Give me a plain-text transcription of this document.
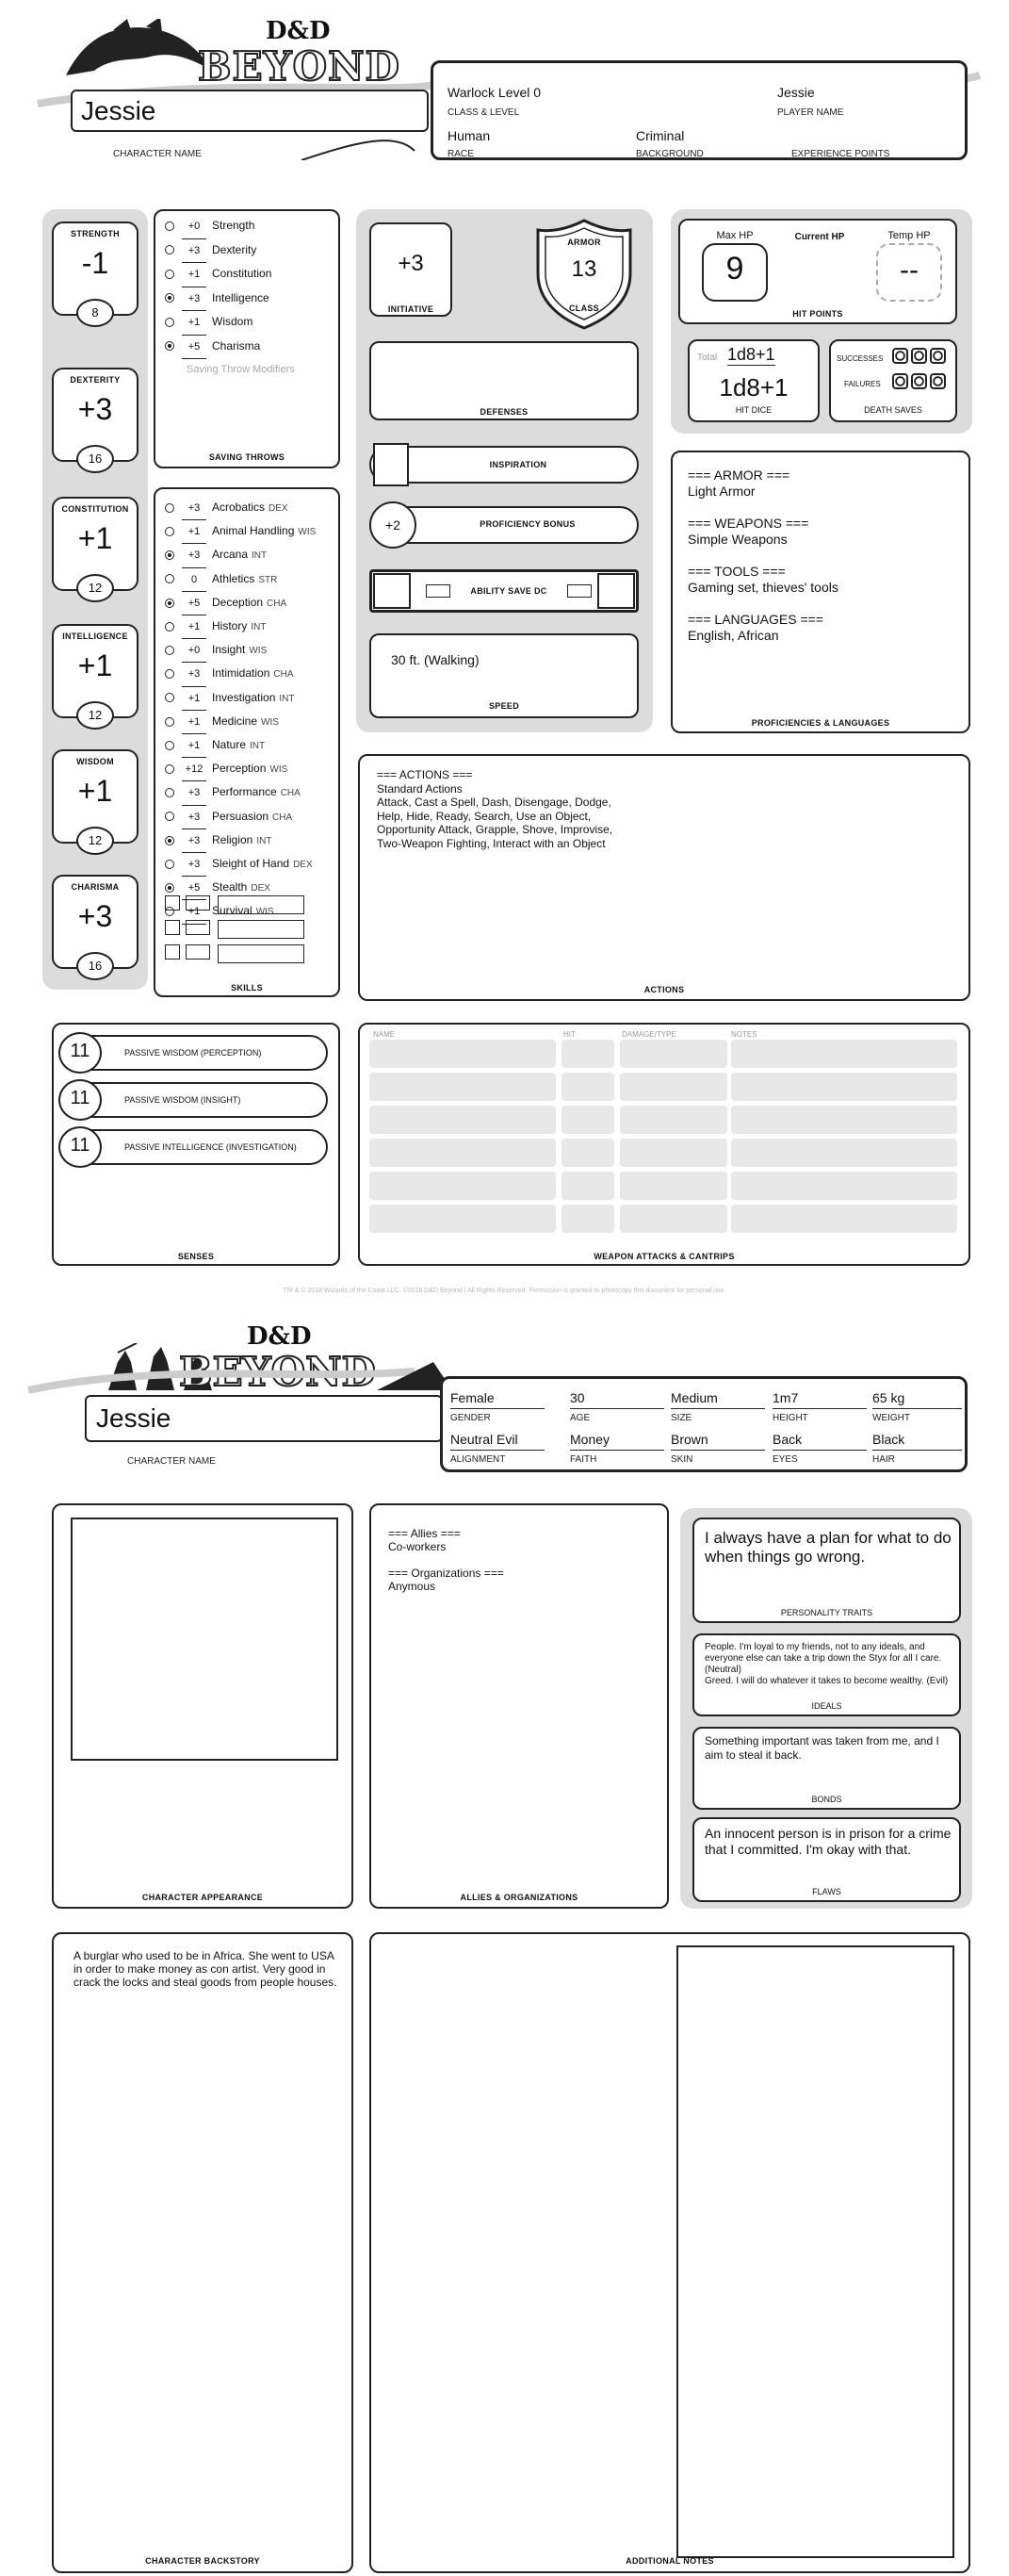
D&D
BEYOND
Jessie
CHARACTER NAME
Warlock Level 0
CLASS & LEVEL
Jessie
PLAYER NAME
Human
RACE
Criminal
BACKGROUND	EXPERIENCE POINTS
+0 Strength
+3 Dexterity
+1 Constitution
+3 Intelligence
+1 Wisdom
+5 Charisma
Saving Throw Modifiers
SAVING THROWS
+3 Acrobatics DEX
+1 Animal Handling WIS
+3 Arcana INT
0 Athletics STR
+5 Deception CHA
+1 History INT
+0 Insight WIS
+3 Intimidation CHA
+1 Investigation INT
+1 Medicine WIS
+1 Nature INT
+12 Perception WIS
+3 Performance CHA
+3 Persuasion CHA
+3 Religion INT
+3 Sleight of Hand DEX
+5 Stealth DEX
+1 Survival WIS
SKILLS
+3
INITIATIVE
ARMOR
13
CLASS
DEFENSES
INSPIRATION
+2	PROFICIENCY BONUS
ABILITY SAVE DC
30 ft. (Walking)
SPEED
Max HP
9
Current HP	Temp HP
--
HIT POINTS
Total 1d8+1
1d8+1
HIT DICE
SUCCESSES
FAILURES
DEATH SAVES
=== ARMOR ===
Light Armor

=== WEAPONS ===
Simple Weapons

=== TOOLS ===
Gaming set, thieves' tools

=== LANGUAGES ===
English, African
PROFICIENCIES & LANGUAGES
=== ACTIONS ===
Standard Actions
Attack, Cast a Spell, Dash, Disengage, Dodge,
Help, Hide, Ready, Search, Use an Object,
Opportunity Attack, Grapple, Shove, Improvise,
Two-Weapon Fighting, Interact with an Object
ACTIONS
SENSES
NAME	HIT	DAMAGE/TYPE	NOTES
WEAPON ATTACKS & CANTRIPS
TM & © 2018 Wizards of the Coast LLC. ©2018 D&D Beyond | All Rights Reserved. Permission is granted to photocopy this document for personal use.
D&D
BEYOND
Jessie
CHARACTER NAME
CHARACTER APPEARANCE
=== Allies ===
Co-workers

=== Organizations ===
Anymous
ALLIES & ORGANIZATIONS
I always have a plan for what to do when things go wrong.
PERSONALITY TRAITS
People. I'm loyal to my friends, not to any ideals, and everyone else can take a trip down the Styx for all I care. (Neutral)
Greed. I will do whatever it takes to become wealthy. (Evil)
IDEALS
Something important was taken from me, and I aim to steal it back.
BONDS
An innocent person is in prison for a crime that I committed. I'm okay with that.
FLAWS
A burglar who used to be in Africa. She went to USA in order to make money as con artist. Very good in crack the locks and steal goods from people houses.
CHARACTER BACKSTORY	ADDITIONAL NOTES
STRENGTH
-1
8
DEXTERITY
+3
16
CONSTITUTION
+1
12
INTELLIGENCE
+1
12
WISDOM
+1
12
CHARISMA
+3
16
11	PASSIVE WISDOM (PERCEPTION)
11	PASSIVE WISDOM (INSIGHT)
11	PASSIVE INTELLIGENCE (INVESTIGATION)
Female
GENDER
30
AGE
Medium
SIZE
1m7
HEIGHT
65 kg
WEIGHT
Neutral Evil
ALIGNMENT
Money
FAITH
Brown
SKIN
Back
EYES
Black
HAIR
